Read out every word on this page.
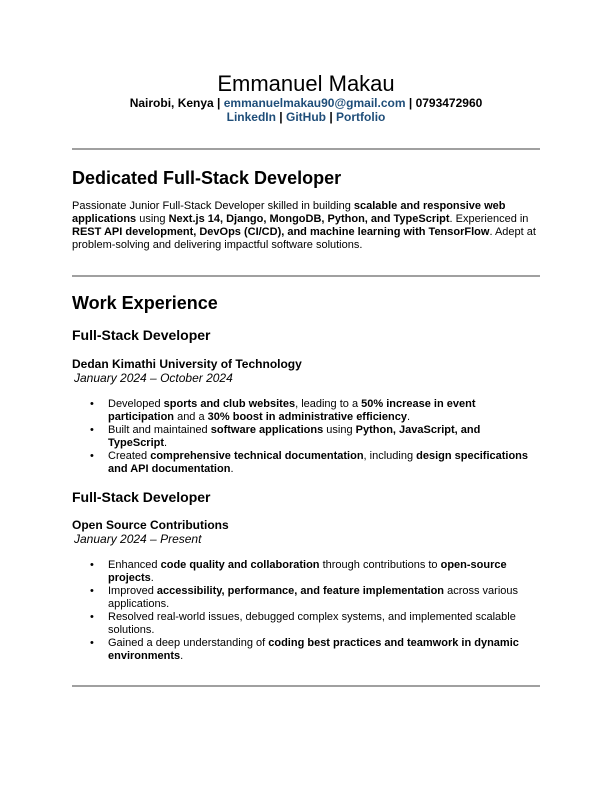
Emmanuel Makau
Nairobi, Kenya | emmanuelmakau90@gmail.com | 0793472960
LinkedIn | GitHub | Portfolio
Dedicated Full-Stack Developer
Passionate Junior Full-Stack Developer skilled in building scalable and responsive web applications using Next.js 14, Django, MongoDB, Python, and TypeScript. Experienced in REST API development, DevOps (CI/CD), and machine learning with TensorFlow. Adept at problem-solving and delivering impactful software solutions.
Work Experience
Full-Stack Developer
Dedan Kimathi University of Technology
January 2024 – October 2024
• Developed sports and club websites, leading to a 50% increase in event participation and a 30% boost in administrative efficiency.
• Built and maintained software applications using Python, JavaScript, and TypeScript.
• Created comprehensive technical documentation, including design specifications and API documentation.
Full-Stack Developer
Open Source Contributions
January 2024 – Present
• Enhanced code quality and collaboration through contributions to open-source projects.
• Improved accessibility, performance, and feature implementation across various applications.
• Resolved real-world issues, debugged complex systems, and implemented scalable solutions.
• Gained a deep understanding of coding best practices and teamwork in dynamic environments.
